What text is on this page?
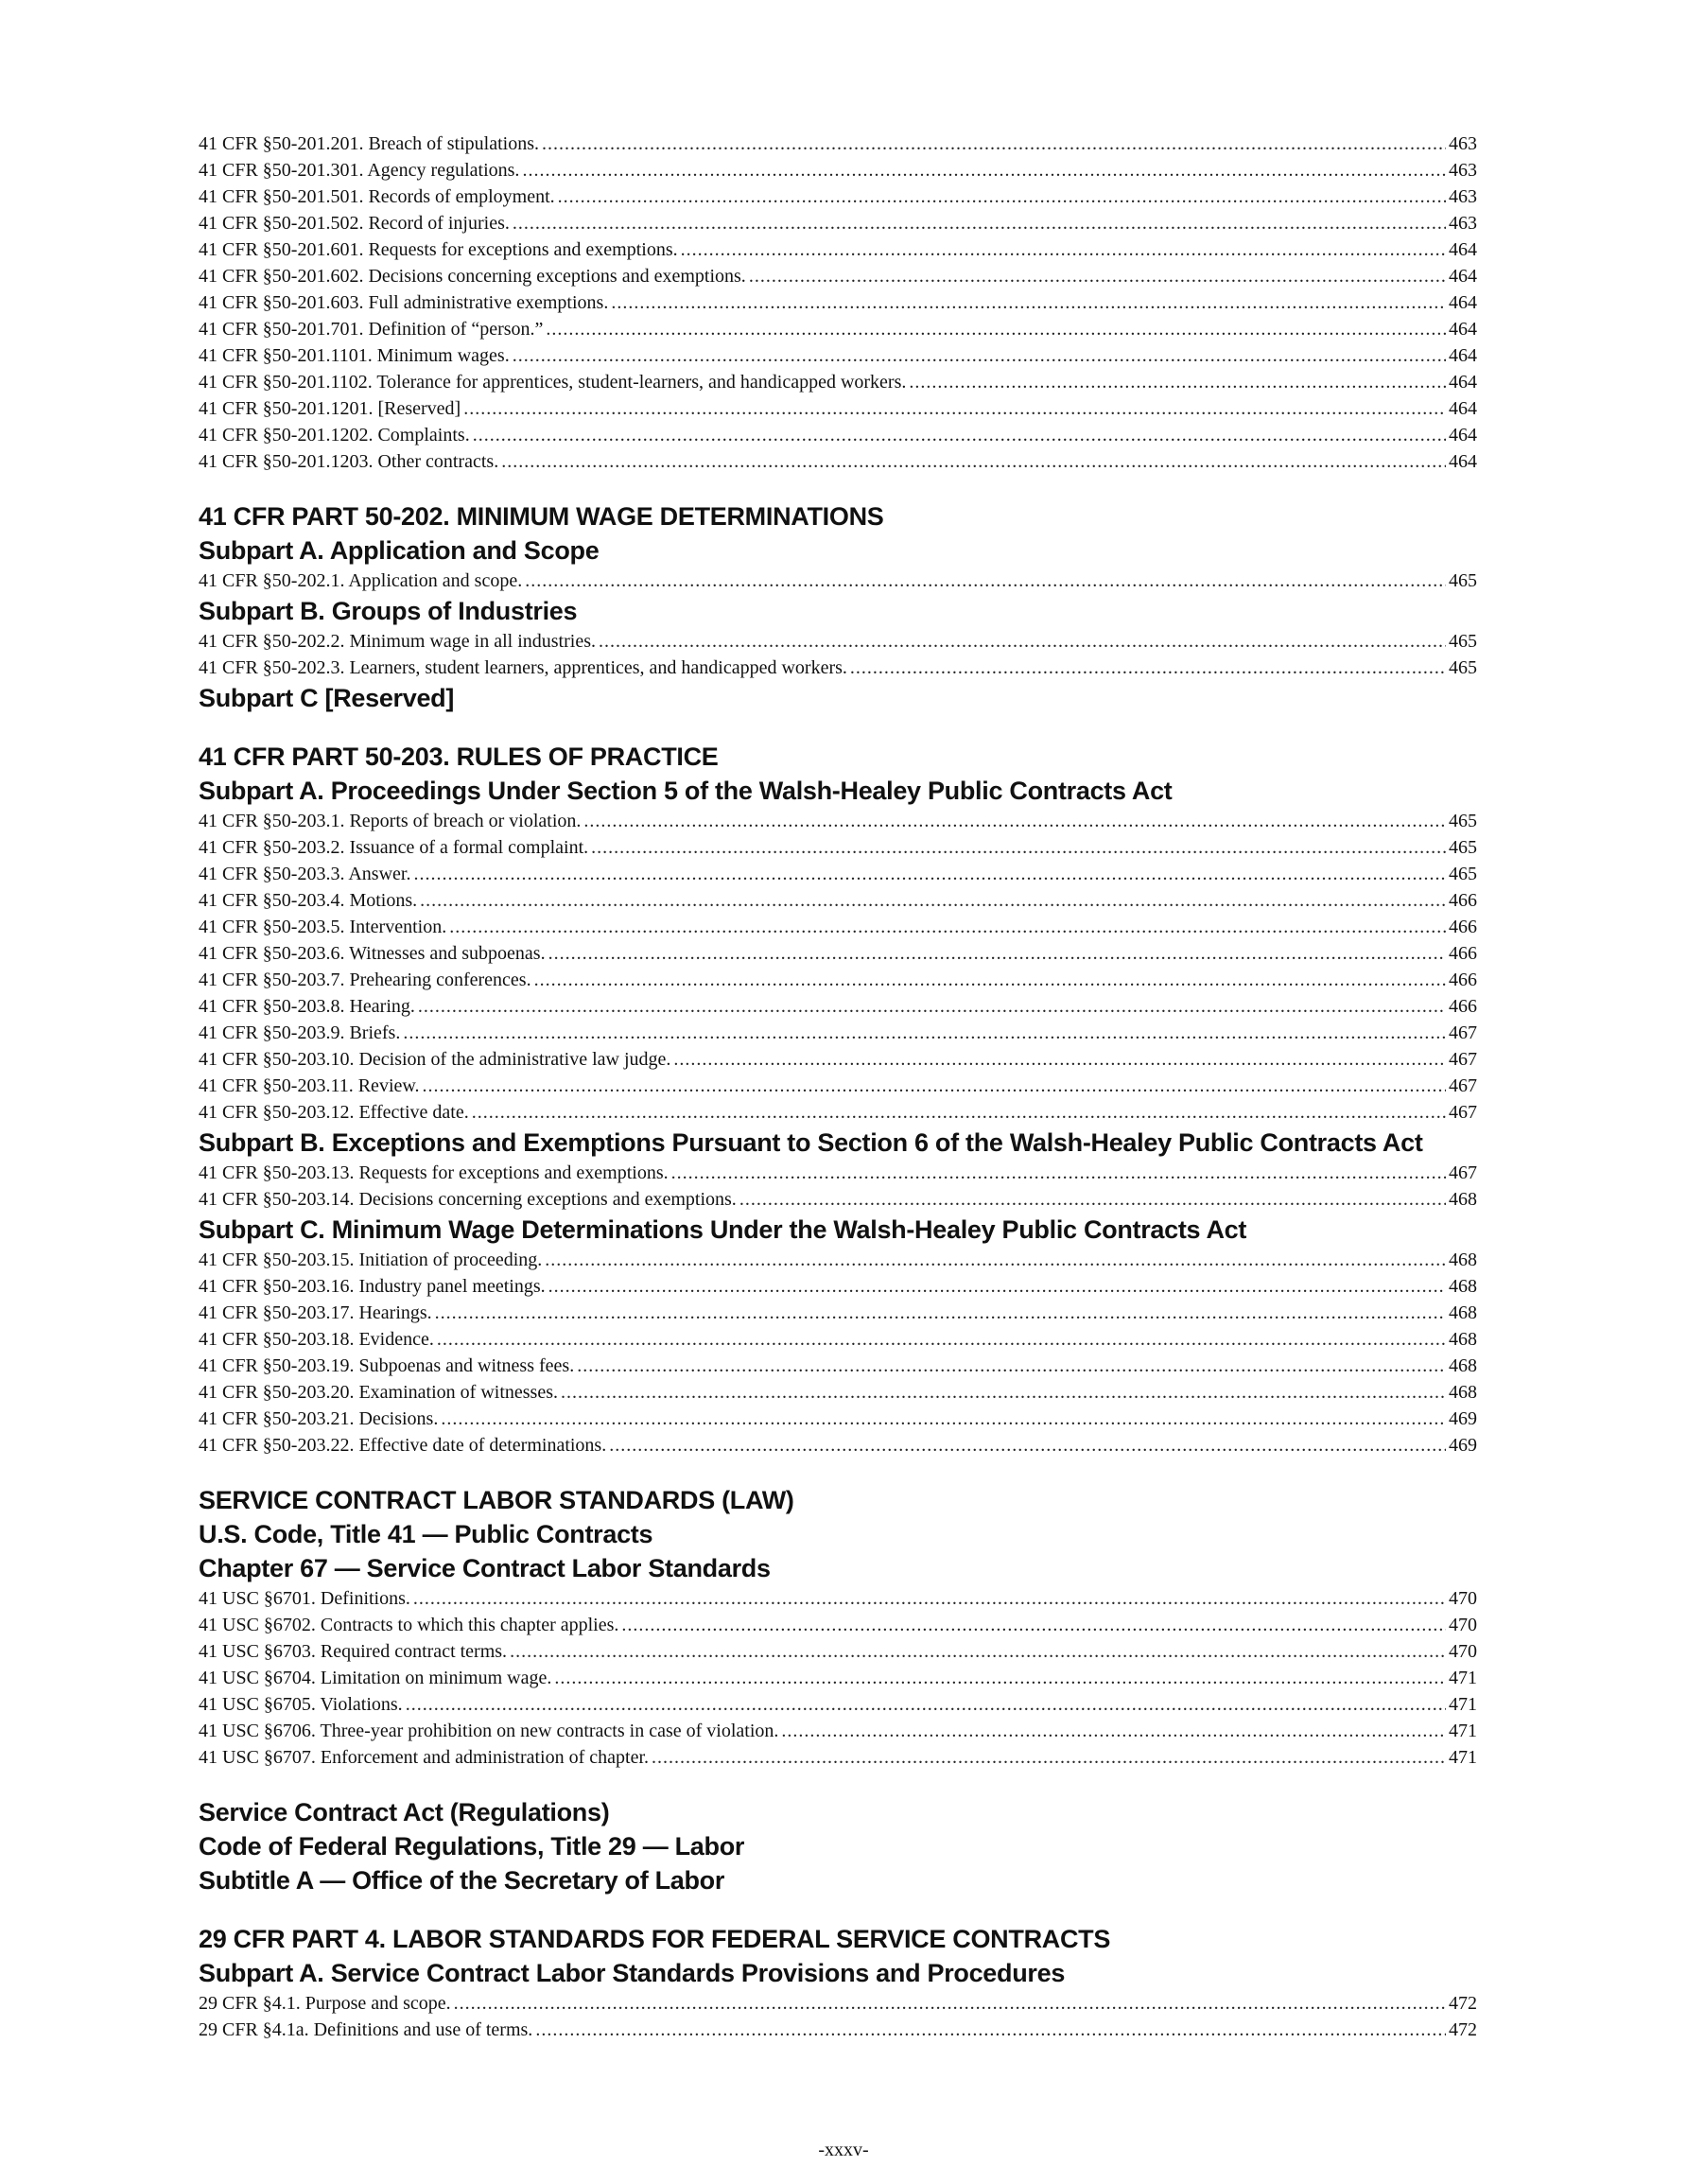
41 CFR §50-201.201. Breach of stipulations. .....	463
41 CFR §50-201.301. Agency regulations. .....	463
41 CFR §50-201.501. Records of employment. .....	463
41 CFR §50-201.502. Record of injuries. .....	463
41 CFR §50-201.601. Requests for exceptions and exemptions. .....	464
41 CFR §50-201.602. Decisions concerning exceptions and exemptions. .....	464
41 CFR §50-201.603. Full administrative exemptions. .....	464
41 CFR §50-201.701. Definition of “person.” .....	464
41 CFR §50-201.1101. Minimum wages. .....	464
41 CFR §50-201.1102. Tolerance for apprentices, student-learners, and handicapped workers. .....	464
41 CFR §50-201.1201. [Reserved] .....	464
41 CFR §50-201.1202. Complaints. .....	464
41 CFR §50-201.1203. Other contracts. .....	464
41 CFR PART 50-202. MINIMUM WAGE DETERMINATIONS
Subpart A. Application and Scope
41 CFR §50-202.1. Application and scope. .....	465
Subpart B. Groups of Industries
41 CFR §50-202.2. Minimum wage in all industries. .....	465
41 CFR §50-202.3. Learners, student learners, apprentices, and handicapped workers. .....	465
Subpart C [Reserved]
41 CFR PART 50-203. RULES OF PRACTICE
Subpart A. Proceedings Under Section 5 of the Walsh-Healey Public Contracts Act
41 CFR §50-203.1. Reports of breach or violation. .....	465
41 CFR §50-203.2. Issuance of a formal complaint. .....	465
41 CFR §50-203.3. Answer. .....	465
41 CFR §50-203.4. Motions. .....	466
41 CFR §50-203.5. Intervention. .....	466
41 CFR §50-203.6. Witnesses and subpoenas. .....	466
41 CFR §50-203.7. Prehearing conferences. .....	466
41 CFR §50-203.8. Hearing. .....	466
41 CFR §50-203.9. Briefs. .....	467
41 CFR §50-203.10. Decision of the administrative law judge. .....	467
41 CFR §50-203.11. Review. .....	467
41 CFR §50-203.12. Effective date. .....	467
Subpart B. Exceptions and Exemptions Pursuant to Section 6 of the Walsh-Healey Public Contracts Act
41 CFR §50-203.13. Requests for exceptions and exemptions. .....	467
41 CFR §50-203.14. Decisions concerning exceptions and exemptions. .....	468
Subpart C. Minimum Wage Determinations Under the Walsh-Healey Public Contracts Act
41 CFR §50-203.15. Initiation of proceeding. .....	468
41 CFR §50-203.16. Industry panel meetings. .....	468
41 CFR §50-203.17. Hearings. .....	468
41 CFR §50-203.18. Evidence. .....	468
41 CFR §50-203.19. Subpoenas and witness fees. .....	468
41 CFR §50-203.20. Examination of witnesses. .....	468
41 CFR §50-203.21. Decisions. .....	469
41 CFR §50-203.22. Effective date of determinations. .....	469
SERVICE CONTRACT LABOR STANDARDS (LAW)
U.S. Code, Title 41 — Public Contracts
Chapter 67 — Service Contract Labor Standards
41 USC §6701. Definitions. .....	470
41 USC §6702. Contracts to which this chapter applies. .....	470
41 USC §6703. Required contract terms. .....	470
41 USC §6704. Limitation on minimum wage. .....	471
41 USC §6705. Violations. .....	471
41 USC §6706. Three-year prohibition on new contracts in case of violation. .....	471
41 USC §6707. Enforcement and administration of chapter. .....	471
Service Contract Act (Regulations)
Code of Federal Regulations, Title 29 — Labor
Subtitle A — Office of the Secretary of Labor
29 CFR PART 4. LABOR STANDARDS FOR FEDERAL SERVICE CONTRACTS
Subpart A. Service Contract Labor Standards Provisions and Procedures
29 CFR §4.1. Purpose and scope. .....	472
29 CFR §4.1a. Definitions and use of terms. .....	472
-xxxv-
